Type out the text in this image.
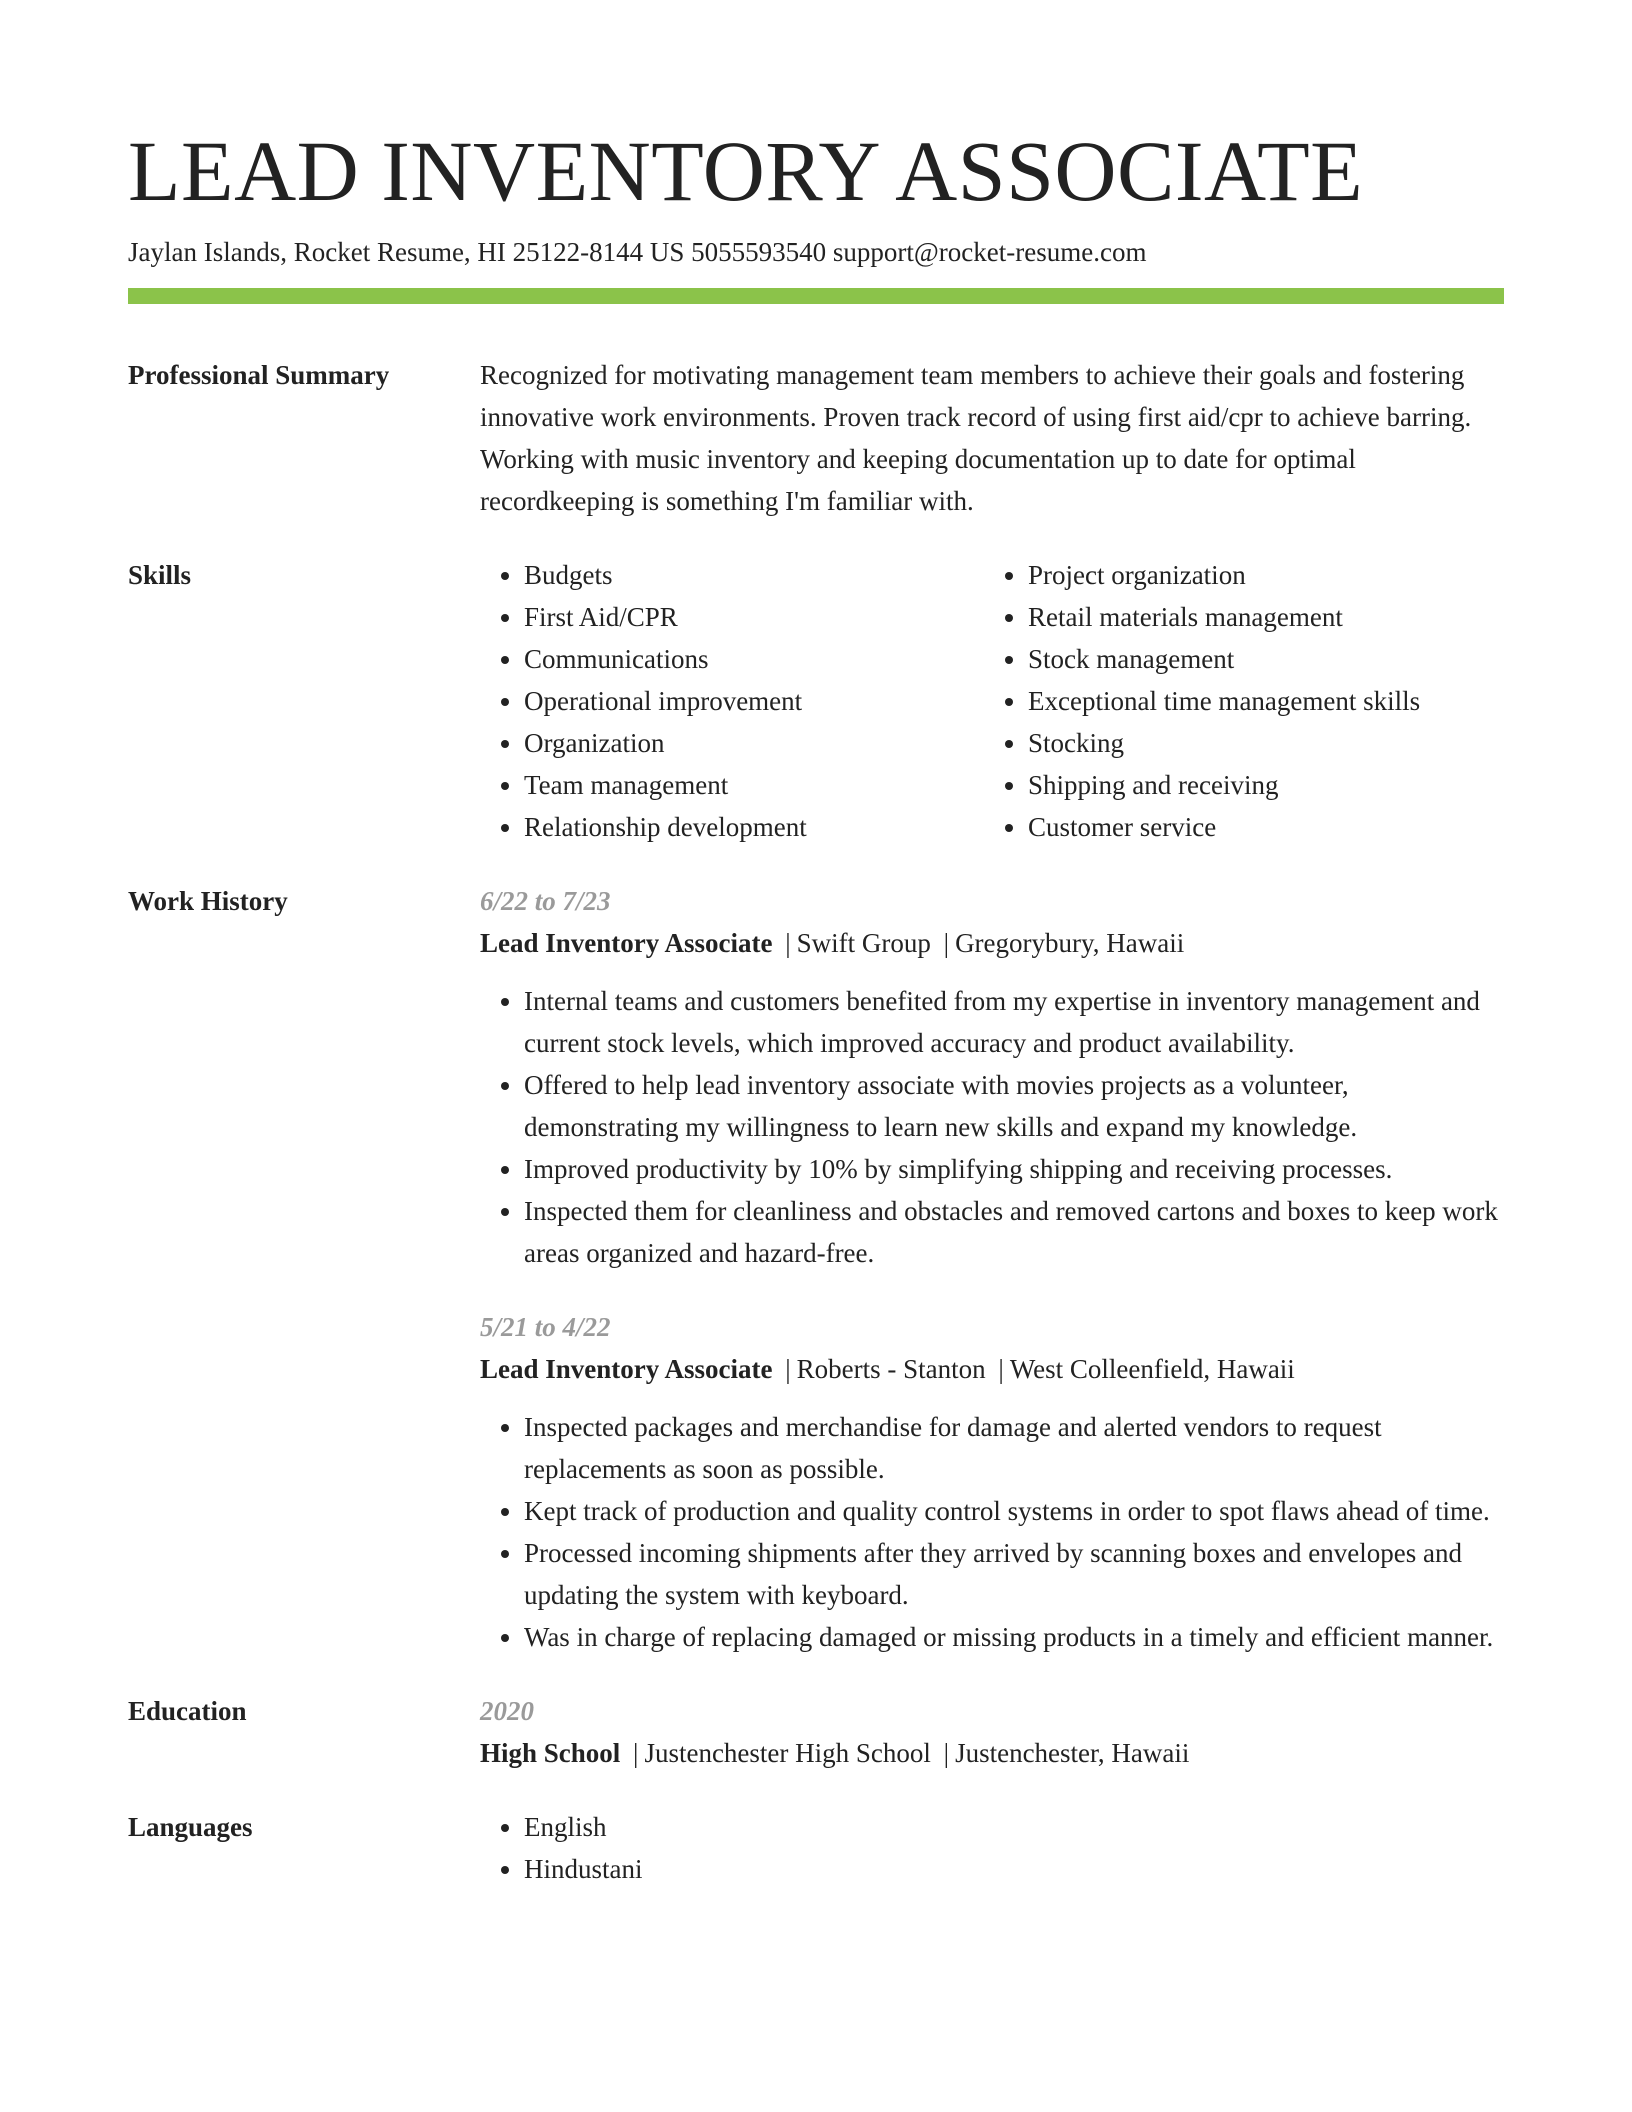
LEAD INVENTORY ASSOCIATE
Jaylan Islands, Rocket Resume, HI 25122-8144 US 5055593540 support@rocket-resume.com
Professional Summary	Recognized for motivating management team members to achieve their goals and fostering innovative work environments. Proven track record of using first aid/cpr to achieve barring. Working with music inventory and keeping documentation up to date for optimal recordkeeping is something I'm familiar with.
Skills	• Budgets
• First Aid/CPR
• Communications
• Operational improvement
• Organization
• Team management
• Relationship development
• Project organization
• Retail materials management
• Stock management
• Exceptional time management skills
• Stocking
• Shipping and receiving
• Customer service
Work History	6/22 to 7/23
Lead Inventory Associate | Swift Group | Gregorybury, Hawaii
• Internal teams and customers benefited from my expertise in inventory management and current stock levels, which improved accuracy and product availability.
• Offered to help lead inventory associate with movies projects as a volunteer, demonstrating my willingness to learn new skills and expand my knowledge.
• Improved productivity by 10% by simplifying shipping and receiving processes.
• Inspected them for cleanliness and obstacles and removed cartons and boxes to keep work areas organized and hazard-free.
5/21 to 4/22
Lead Inventory Associate | Roberts - Stanton | West Colleenfield, Hawaii
• Inspected packages and merchandise for damage and alerted vendors to request replacements as soon as possible.
• Kept track of production and quality control systems in order to spot flaws ahead of time.
• Processed incoming shipments after they arrived by scanning boxes and envelopes and updating the system with keyboard.
• Was in charge of replacing damaged or missing products in a timely and efficient manner.
Education	2020
High School | Justenchester High School | Justenchester, Hawaii
Languages	• English
• Hindustani
